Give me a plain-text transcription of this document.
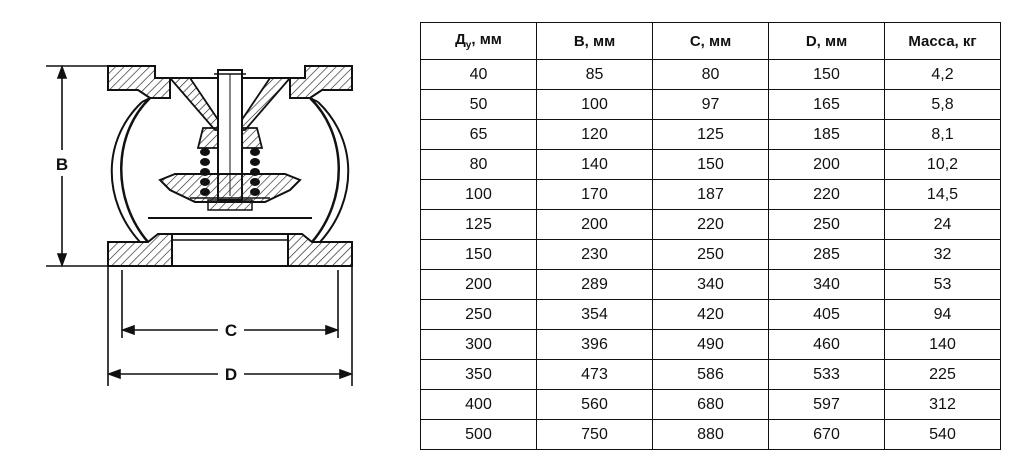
B
C
D
$Д_у$, мм	B, мм	C, мм	D, мм	Масса, кг
40	85	80	150	4,2
50	100	97	165	5,8
65	120	125	185	8,1
80	140	150	200	10,2
100	170	187	220	14,5
125	200	220	250	24
150	230	250	285	32
200	289	340	340	53
250	354	420	405	94
300	396	490	460	140
350	473	586	533	225
400	560	680	597	312
500	750	880	670	540
